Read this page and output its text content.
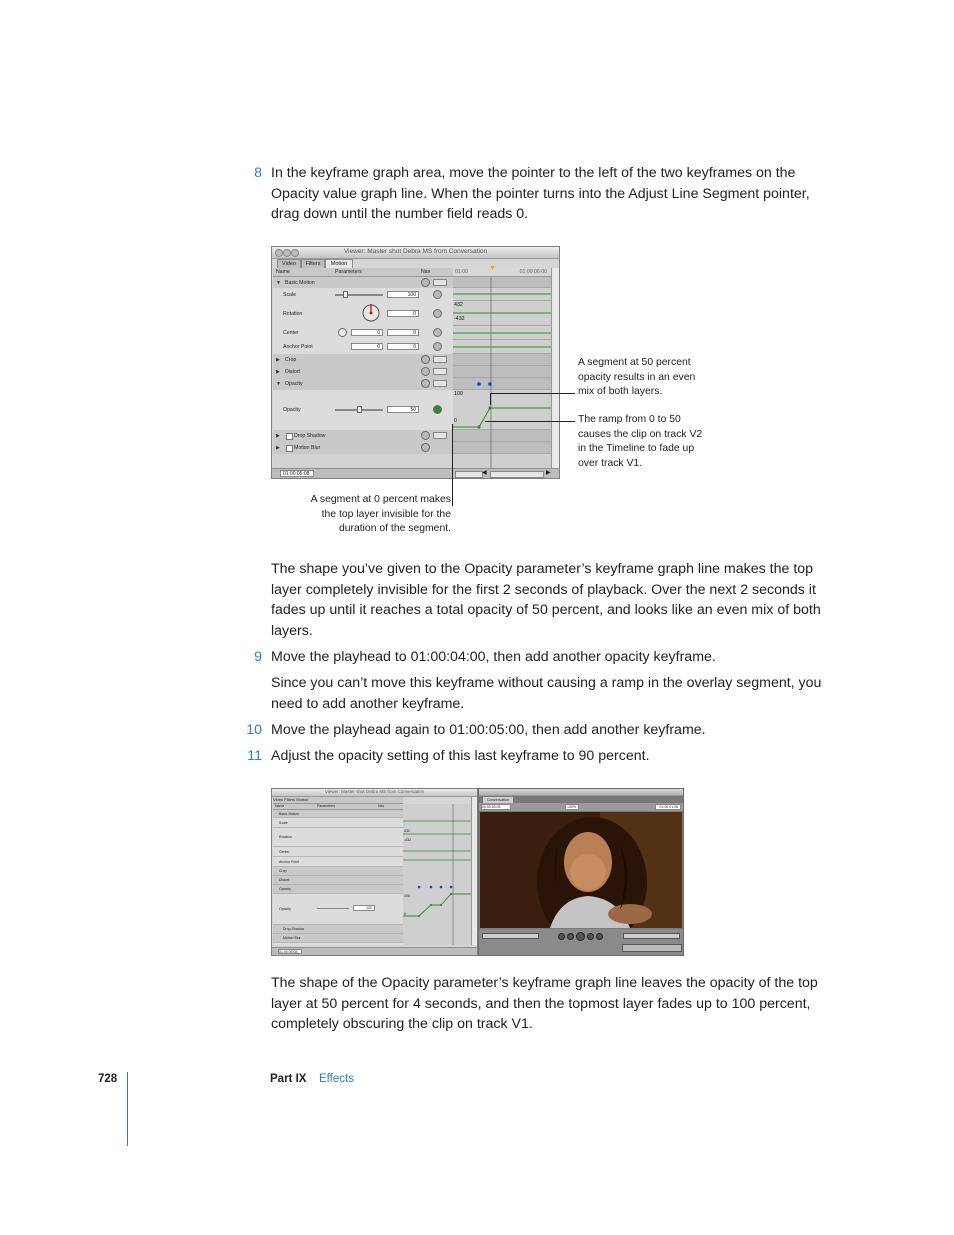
8 In the keyframe graph area, move the pointer to the left of the two keyframes on the Opacity value graph line. When the pointer turns into the Adjust Line Segment pointer, drag down until the number field reads 0.

Viewer: Master shot Debra MS from Conversation
Video	Filters	Motion
Name	Parameters	Nav	01:00	01:00:06:00
▼
▼ Basic Motion
Scale	100
Rotation	0
Center	0	0
Anchor Point	0	0
▶ Crop
▶ Distort
▼ Opacity
Opacity	50
▶	Drop Shadow
▶	Motion Blur
432
-432
100
0
01:00:05:08	◀	▶
A segment at 50 percent opacity results in an even mix of both layers.
The ramp from 0 to 50 causes the clip on track V2 in the Timeline to fade up over track V1.
A segment at 0 percent makes the top layer invisible for the duration of the segment.

The shape you’ve given to the Opacity parameter’s keyframe graph line makes the top layer completely invisible for the first 2 seconds of playback. Over the next 2 seconds it fades up until it reaches a total opacity of 50 percent, and looks like an even mix of both layers.

9 Move the playhead to 01:00:04:00, then add another opacity keyframe.

Since you can’t move this keyframe without causing a ramp in the overlay segment, you need to add another keyframe.

10 Move the playhead again to 01:00:05:00, then add another keyframe.

11 Adjust the opacity setting of this last keyframe to 90 percent.

Viewer: Master shot Debra MS from Conversation
Video Filters Motion
Name	Parameters	Nav
Basic Motion
Scale
Rotation
Center
Anchor Point
Crop
Distort
Opacity
Opacity	100
Drop Shadow
Motion Blur
432
-432
100
0
01:00:05:08
Conversation
00:00:03:03	100%	01:00:01:26

The shape of the Opacity parameter’s keyframe graph line leaves the opacity of the top layer at 50 percent for 4 seconds, and then the topmost layer fades up to 100 percent, completely obscuring the clip on track V1.

728	Part IX Effects
